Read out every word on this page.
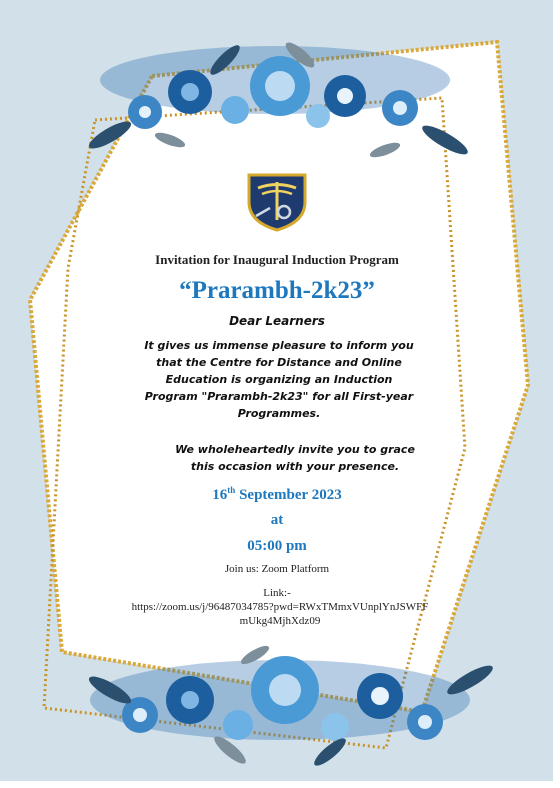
Invitation for Inaugural Induction Program

“Prarambh-2k23”

Dear Learners

It gives us immense pleasure to inform you that the Centre for Distance and Online Education is organizing an Induction Program "Prarambh-2k23" for all First-year Programmes.

We wholeheartedly invite you to grace this occasion with your presence.

16th September 2023

at

05:00 pm

Join us: Zoom Platform

Link:-

https://zoom.us/j/96487034785?pwd=RWxTMmxVUnplYnJSWFFmUkg4MjhXdz09
